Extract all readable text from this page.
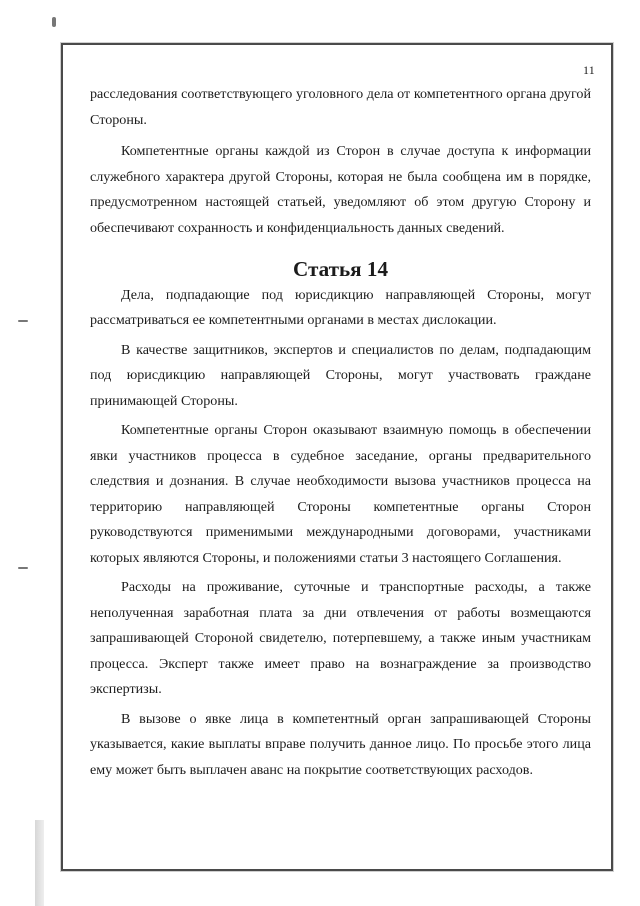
11

расследования соответствующего уголовного дела от компетентного органа другой Стороны.

Компетентные органы каждой из Сторон в случае доступа к информации служебного характера другой Стороны, которая не была сообщена им в порядке, предусмотренном настоящей статьей, уведомляют об этом другую Сторону и обеспечивают сохранность и конфиденциальность данных сведений.

Статья 14

Дела, подпадающие под юрисдикцию направляющей Стороны, могут рассматриваться ее компетентными органами в местах дислокации.

В качестве защитников, экспертов и специалистов по делам, подпадающим под юрисдикцию направляющей Стороны, могут участвовать граждане принимающей Стороны.

Компетентные органы Сторон оказывают взаимную помощь в обеспечении явки участников процесса в судебное заседание, органы предварительного следствия и дознания. В случае необходимости вызова участников процесса на территорию направляющей Стороны компетентные органы Сторон руководствуются применимыми международными договорами, участниками которых являются Стороны, и положениями статьи 3 настоящего Соглашения.

Расходы на проживание, суточные и транспортные расходы, а также неполученная заработная плата за дни отвлечения от работы возмещаются запрашивающей Стороной свидетелю, потерпевшему, а также иным участникам процесса. Эксперт также имеет право на вознаграждение за производство экспертизы.

В вызове о явке лица в компетентный орган запрашивающей Стороны указывается, какие выплаты вправе получить данное лицо. По просьбе этого лица ему может быть выплачен аванс на покрытие соответствующих расходов.
